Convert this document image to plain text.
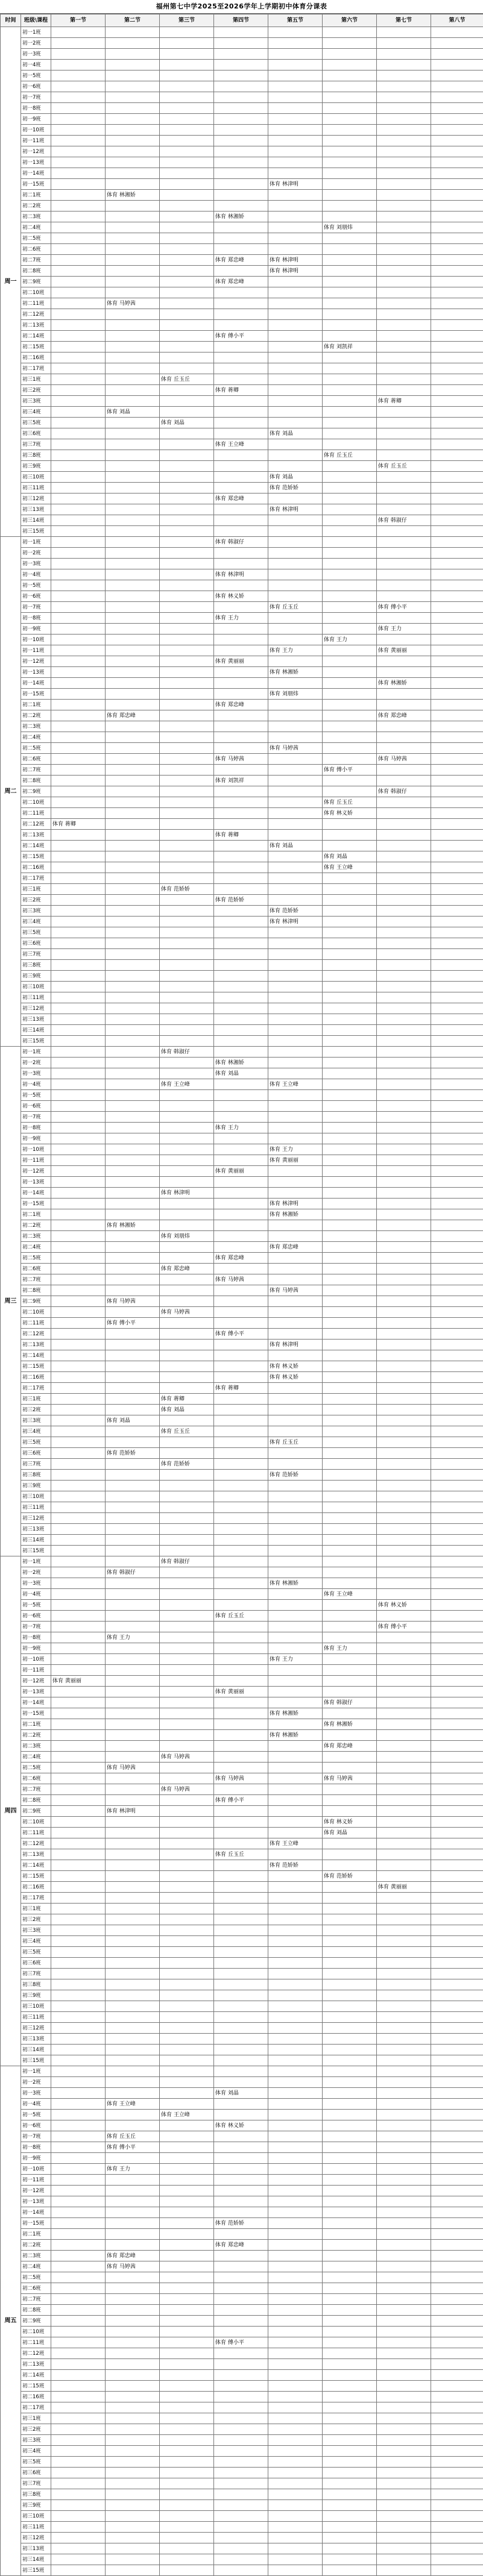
福州第七中学2025至2026学年上学期初中体育分课表
时间	班级\课程	第一节	第二节	第三节	第四节	第五节	第六节	第七节	第八节
周一	初一1班								
	初一2班								
	初一3班								
	初一4班								
	初一5班								
	初一6班								
	初一7班								
	初一8班								
	初一9班								
	初一10班								
	初一11班								
	初一12班								
	初一13班								
	初一14班								
	初一15班					体育 林津明			
	初二1班		体育 林湘娇						
	初二2班								
	初二3班				体育 林湘娇				
	初二4班						体育 刘朋炜		
	初二5班								
	初二6班								
	初二7班				体育 郑忠峰	体育 林津明			
	初二8班					体育 林津明			
	初二9班				体育 郑忠峰				
	初二10班								
	初二11班		体育 马婷茜						
	初二12班								
	初二13班								
	初二14班				体育 傅小平				
	初二15班						体育 刘凯祥		
	初二16班								
	初二17班								
	初三1班			体育 丘玉丘					
	初三2班				体育 蒋卿				
	初三3班							体育 蒋卿	
	初三4班		体育 刘晶						
	初三5班			体育 刘晶					
	初三6班					体育 刘晶			
	初三7班				体育 王立峰				
	初三8班						体育 丘玉丘		
	初三9班							体育 丘玉丘	
	初三10班					体育 刘晶			
	初三11班					体育 范娇娇			
	初三12班				体育 郑忠峰				
	初三13班					体育 林津明			
	初三14班							体育 韩淑仔	
	初三15班								
周二	初一1班				体育 韩淑仔				
	初一2班								
	初一3班								
	初一4班				体育 林津明				
	初一5班								
	初一6班				体育 林义娇				
	初一7班					体育 丘玉丘		体育 傅小平	
	初一8班				体育 王力				
	初一9班							体育 王力	
	初一10班						体育 王力		
	初一11班					体育 王力		体育 黄丽丽	
	初一12班				体育 黄丽丽				
	初一13班					体育 林湘娇			
	初一14班							体育 林湘娇	
	初一15班					体育 刘朋炜			
	初二1班				体育 郑忠峰				
	初二2班		体育 郑忠峰					体育 郑忠峰	
	初二3班								
	初二4班								
	初二5班					体育 马婷茜			
	初二6班				体育 马婷茜			体育 马婷茜	
	初二7班						体育 傅小平		
	初二8班				体育 刘凯祥				
	初二9班							体育 韩淑仔	
	初二10班						体育 丘玉丘		
	初二11班						体育 林义娇		
	初二12班	体育 蒋卿							
	初二13班				体育 蒋卿				
	初二14班					体育 刘晶			
	初二15班						体育 刘晶		
	初二16班						体育 王立峰		
	初二17班								
	初三1班			体育 范娇娇					
	初三2班				体育 范娇娇				
	初三3班					体育 范娇娇			
	初三4班					体育 林津明			
	初三5班								
	初三6班								
	初三7班								
	初三8班								
	初三9班								
	初三10班								
	初三11班								
	初三12班								
	初三13班								
	初三14班								
	初三15班								
周三	初一1班			体育 韩淑仔					
	初一2班				体育 林湘娇				
	初一3班				体育 刘晶				
	初一4班			体育 王立峰		体育 王立峰			
	初一5班								
	初一6班								
	初一7班								
	初一8班				体育 王力				
	初一9班								
	初一10班					体育 王力			
	初一11班					体育 黄丽丽			
	初一12班				体育 黄丽丽				
	初一13班								
	初一14班			体育 林津明					
	初一15班					体育 林津明			
	初二1班					体育 林湘娇			
	初二2班		体育 林湘娇						
	初二3班			体育 刘朋炜					
	初二4班					体育 郑忠峰			
	初二5班				体育 郑忠峰				
	初二6班			体育 郑忠峰					
	初二7班				体育 马婷茜				
	初二8班					体育 马婷茜			
	初二9班		体育 马婷茜						
	初二10班			体育 马婷茜					
	初二11班		体育 傅小平						
	初二12班				体育 傅小平				
	初二13班					体育 林津明			
	初二14班								
	初二15班					体育 林义娇			
	初二16班					体育 林义娇			
	初二17班				体育 蒋卿				
	初三1班			体育 蒋卿					
	初三2班			体育 刘晶					
	初三3班		体育 刘晶						
	初三4班			体育 丘玉丘					
	初三5班					体育 丘玉丘			
	初三6班		体育 范娇娇						
	初三7班			体育 范娇娇					
	初三8班					体育 范娇娇			
	初三9班								
	初三10班								
	初三11班								
	初三12班								
	初三13班								
	初三14班								
	初三15班								
周四	初一1班			体育 韩淑仔					
	初一2班		体育 韩淑仔						
	初一3班					体育 林湘娇			
	初一4班						体育 王立峰		
	初一5班							体育 林义娇	
	初一6班				体育 丘玉丘				
	初一7班							体育 傅小平	
	初一8班		体育 王力						
	初一9班						体育 王力		
	初一10班					体育 王力			
	初一11班								
	初一12班	体育 黄丽丽							
	初一13班				体育 黄丽丽				
	初一14班						体育 韩淑仔		
	初一15班					体育 林湘娇			
	初二1班						体育 林湘娇		
	初二2班					体育 林湘娇			
	初二3班						体育 郑忠峰		
	初二4班			体育 马婷茜					
	初二5班		体育 马婷茜						
	初二6班				体育 马婷茜		体育 马婷茜		
	初二7班			体育 马婷茜					
	初二8班				体育 傅小平				
	初二9班		体育 林津明						
	初二10班						体育 林义娇		
	初二11班						体育 刘晶		
	初二12班					体育 王立峰			
	初二13班				体育 丘玉丘				
	初二14班					体育 范娇娇			
	初二15班						体育 范娇娇		
	初二16班							体育 黄丽丽	
	初二17班								
	初三1班								
	初三2班								
	初三3班								
	初三4班								
	初三5班								
	初三6班								
	初三7班								
	初三8班								
	初三9班								
	初三10班								
	初三11班								
	初三12班								
	初三13班								
	初三14班								
	初三15班								
周五	初一1班								
	初一2班								
	初一3班				体育 刘晶				
	初一4班		体育 王立峰						
	初一5班			体育 王立峰					
	初一6班				体育 林义娇				
	初一7班		体育 丘玉丘						
	初一8班		体育 傅小平						
	初一9班								
	初一10班		体育 王力						
	初一11班								
	初一12班								
	初一13班								
	初一14班								
	初一15班				体育 范娇娇				
	初二1班								
	初二2班				体育 郑忠峰				
	初二3班		体育 郑忠峰						
	初二4班		体育 马婷茜						
	初二5班								
	初二6班								
	初二7班								
	初二8班								
	初二9班								
	初二10班								
	初二11班				体育 傅小平				
	初二12班								
	初二13班								
	初二14班								
	初二15班								
	初二16班								
	初二17班								
	初三1班								
	初三2班								
	初三3班								
	初三4班								
	初三5班								
	初三6班								
	初三7班								
	初三8班								
	初三9班								
	初三10班								
	初三11班								
	初三12班								
	初三13班								
	初三14班								
	初三15班								
